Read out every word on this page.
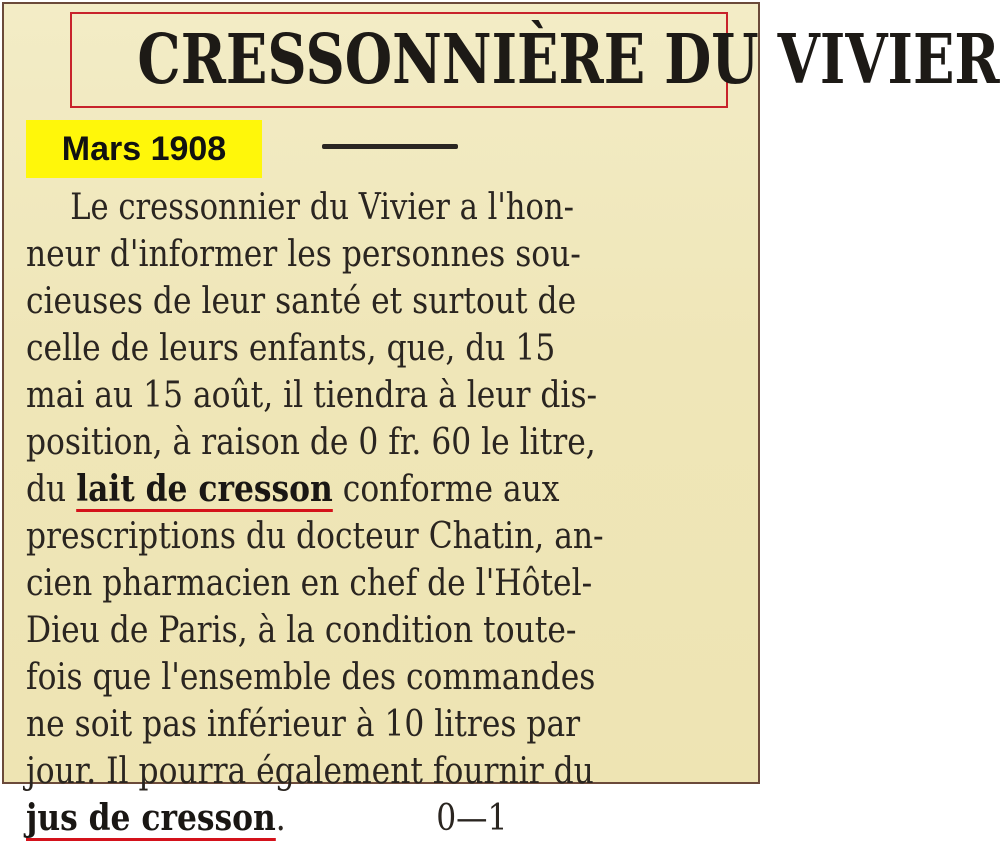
CRESSONNIÈRE DU VIVIER
Mars 1908
Le cressonnier du Vivier a l'hon-
neur d'informer les personnes sou-
cieuses de leur santé et surtout de
celle de leurs enfants, que, du 15
mai au 15 août, il tiendra à leur dis-
position, à raison de 0 fr. 60 le litre,
du lait de cresson conforme aux
prescriptions du docteur Chatin, an-
cien pharmacien en chef de l'Hôtel-
Dieu de Paris, à la condition toute-
fois que l'ensemble des commandes
ne soit pas inférieur à 10 litres par
jour. Il pourra également fournir du
jus de cresson.	0—1
